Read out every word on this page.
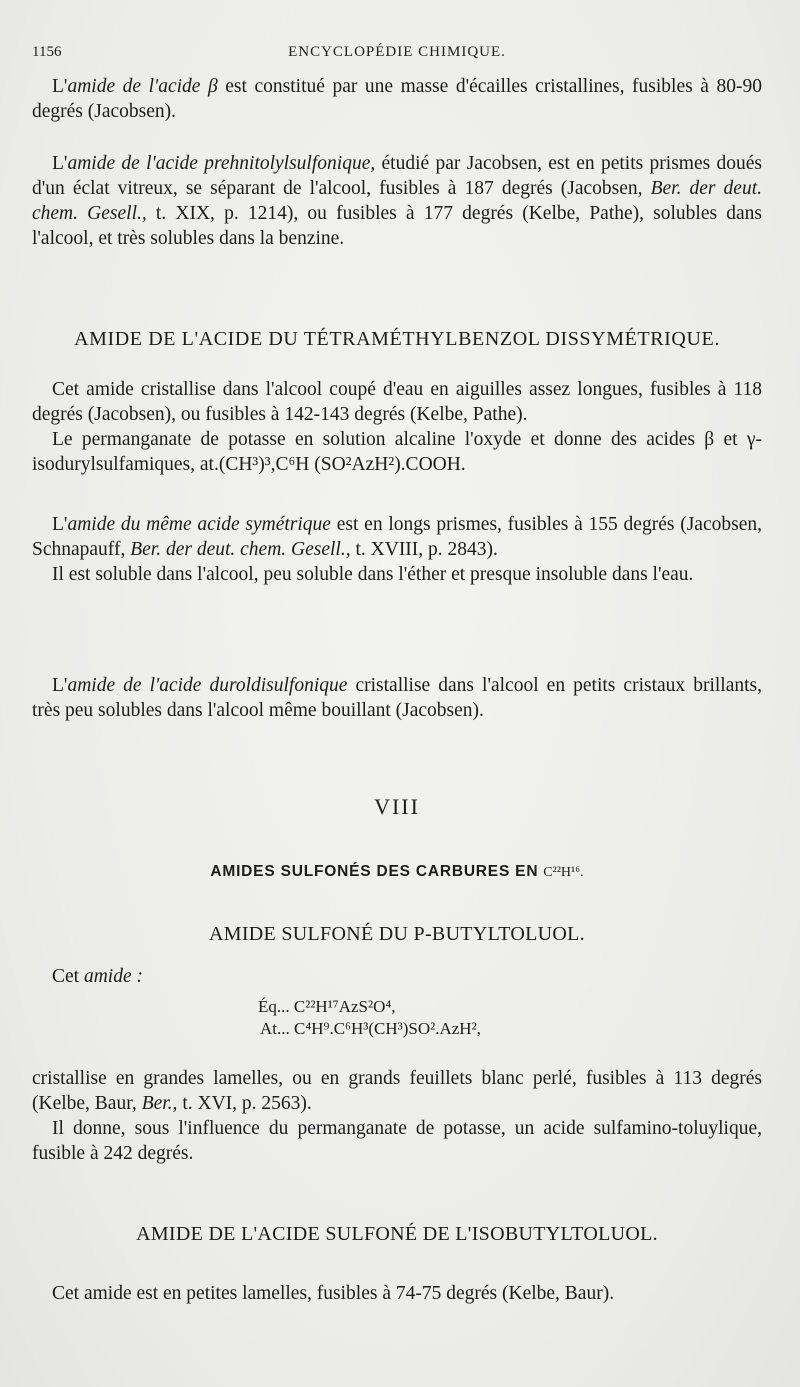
1156	ENCYCLOPÉDIE CHIMIQUE.

L'amide de l'acide β est constitué par une masse d'écailles cristallines, fusibles à 80-90 degrés (Jacobsen).

L'amide de l'acide prehnitolylsulfonique, étudié par Jacobsen, est en petits prismes doués d'un éclat vitreux, se séparant de l'alcool, fusibles à 187 degrés (Jacobsen, Ber. der deut. chem. Gesell., t. XIX, p. 1214), ou fusibles à 177 degrés (Kelbe, Pathe), solubles dans l'alcool, et très solubles dans la benzine.

AMIDE DE L'ACIDE DU TÉTRAMÉTHYLBENZOL DISSYMÉTRIQUE.

Cet amide cristallise dans l'alcool coupé d'eau en aiguilles assez longues, fusibles à 118 degrés (Jacobsen), ou fusibles à 142-143 degrés (Kelbe, Pathe).

Le permanganate de potasse en solution alcaline l'oxyde et donne des acides β et γ-isodurylsulfamiques, at.(CH³)³,C⁶H (SO²AzH²).COOH.

L'amide du même acide symétrique est en longs prismes, fusibles à 155 degrés (Jacobsen, Schnapauff, Ber. der deut. chem. Gesell., t. XVIII, p. 2843).

Il est soluble dans l'alcool, peu soluble dans l'éther et presque insoluble dans l'eau.

L'amide de l'acide duroldisulfonique cristallise dans l'alcool en petits cristaux brillants, très peu solubles dans l'alcool même bouillant (Jacobsen).

VIII

AMIDES SULFONÉS DES CARBURES EN C²²H¹⁶.

AMIDE SULFONÉ DU P-BUTYLTOLUOL.

Cet amide :

Éq... C²²H¹⁷AzS²O⁴,

At... C⁴H⁹.C⁶H³(CH³)SO².AzH²,

cristallise en grandes lamelles, ou en grands feuillets blanc perlé, fusibles à 113 degrés (Kelbe, Baur, Ber., t. XVI, p. 2563).

Il donne, sous l'influence du permanganate de potasse, un acide sulfamino-toluylique, fusible à 242 degrés.

AMIDE DE L'ACIDE SULFONÉ DE L'ISOBUTYLTOLUOL.

Cet amide est en petites lamelles, fusibles à 74-75 degrés (Kelbe, Baur).
